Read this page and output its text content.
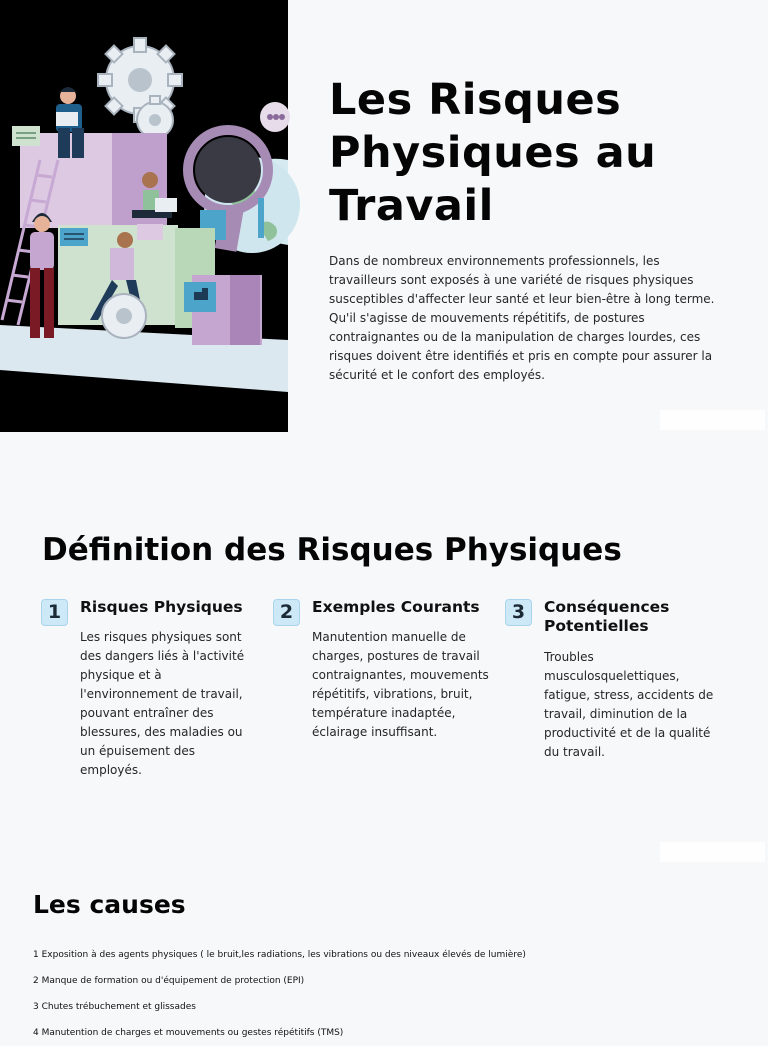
Les Risques Physiques au Travail

Dans de nombreux environnements professionnels, les travailleurs sont exposés à une variété de risques physiques susceptibles d'affecter leur santé et leur bien-être à long terme. Qu'il s'agisse de mouvements répétitifs, de postures contraignantes ou de la manipulation de charges lourdes, ces risques doivent être identifiés et pris en compte pour assurer la sécurité et le confort des employés.

Définition des Risques Physiques
1	Risques Physiques

Les risques physiques sont des dangers liés à l'activité physique et à l'environnement de travail, pouvant entraîner des blessures, des maladies ou un épuisement des employés.

2	Exemples Courants

Manutention manuelle de charges, postures de travail contraignantes, mouvements répétitifs, vibrations, bruit, température inadaptée, éclairage insuffisant.

3	Conséquences Potentielles

Troubles musculosquelettiques, fatigue, stress, accidents de travail, diminution de la productivité et de la qualité du travail.

Les causes
1 Exposition à des agents physiques ( le bruit,les radiations, les vibrations ou des niveaux élevés de lumière)
2 Manque de formation ou d'équipement de protection (EPI)
3 Chutes trébuchement et glissades
4 Manutention de charges et mouvements ou gestes répétitifs (TMS)
